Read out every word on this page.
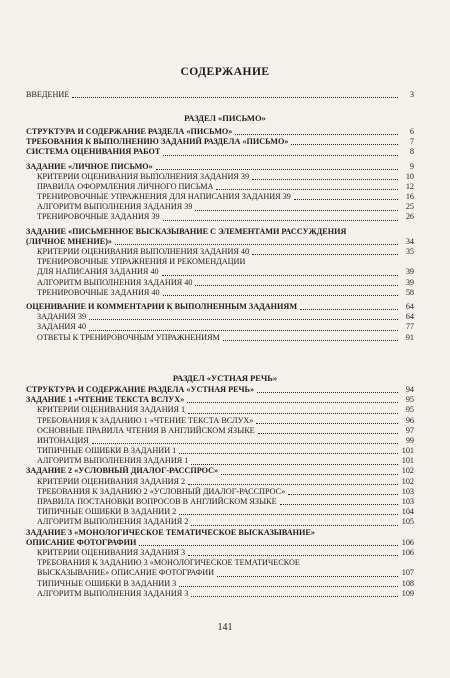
СОДЕРЖАНИЕ
ВВЕДЕНИЕ	3
РАЗДЕЛ «ПИСЬМО»
СТРУКТУРА И СОДЕРЖАНИЕ РАЗДЕЛА «ПИСЬМО»	6
ТРЕБОВАНИЯ К ВЫПОЛНЕНИЮ ЗАДАНИЙ РАЗДЕЛА «ПИСЬМО»	7
СИСТЕМА ОЦЕНИВАНИЯ РАБОТ	8
ЗАДАНИЕ «ЛИЧНОЕ ПИСЬМО»	9
КРИТЕРИИ ОЦЕНИВАНИЯ ВЫПОЛНЕНИЯ ЗАДАНИЯ 39	10
ПРАВИЛА ОФОРМЛЕНИЯ ЛИЧНОГО ПИСЬМА	12
ТРЕНИРОВОЧНЫЕ УПРАЖНЕНИЯ ДЛЯ НАПИСАНИЯ ЗАДАНИЯ 39	16
АЛГОРИТМ ВЫПОЛНЕНИЯ ЗАДАНИЯ 39	25
ТРЕНИРОВОЧНЫЕ ЗАДАНИЯ 39	26
ЗАДАНИЕ «ПИСЬМЕННОЕ ВЫСКАЗЫВАНИЕ С ЭЛЕМЕНТАМИ РАССУЖДЕНИЯ
(ЛИЧНОЕ МНЕНИЕ)»	34
КРИТЕРИИ ОЦЕНИВАНИЯ ВЫПОЛНЕНИЯ ЗАДАНИЯ 40	35
ТРЕНИРОВОЧНЫЕ УПРАЖНЕНИЯ И РЕКОМЕНДАЦИИ
ДЛЯ НАПИСАНИЯ ЗАДАНИЯ 40	39
АЛГОРИТМ ВЫПОЛНЕНИЯ ЗАДАНИЯ 40	39
ТРЕНИРОВОЧНЫЕ ЗАДАНИЯ 40	58
ОЦЕНИВАНИЕ И КОММЕНТАРИИ К ВЫПОЛНЕННЫМ ЗАДАНИЯМ	64
ЗАДАНИЯ 39	64
ЗАДАНИЯ 40	77
ОТВЕТЫ К ТРЕНИРОВОЧНЫМ УПРАЖНЕНИЯМ	91
РАЗДЕЛ «УСТНАЯ РЕЧЬ»
СТРУКТУРА И СОДЕРЖАНИЕ РАЗДЕЛА «УСТНАЯ РЕЧЬ»	94
ЗАДАНИЕ 1 «ЧТЕНИЕ ТЕКСТА ВСЛУХ»	95
КРИТЕРИИ ОЦЕНИВАНИЯ ЗАДАНИЯ 1	95
ТРЕБОВАНИЯ К ЗАДАНИЮ 1 «ЧТЕНИЕ ТЕКСТА ВСЛУХ»	96
ОСНОВНЫЕ ПРАВИЛА ЧТЕНИЯ В АНГЛИЙСКОМ ЯЗЫКЕ	97
ИНТОНАЦИЯ	99
ТИПИЧНЫЕ ОШИБКИ В ЗАДАНИИ 1	101
АЛГОРИТМ ВЫПОЛНЕНИЯ ЗАДАНИЯ 1	101
ЗАДАНИЕ 2 «УСЛОВНЫЙ ДИАЛОГ-РАССПРОС»	102
КРИТЕРИИ ОЦЕНИВАНИЯ ЗАДАНИЯ 2	102
ТРЕБОВАНИЯ К ЗАДАНИЮ 2 «УСЛОВНЫЙ ДИАЛОГ-РАССПРОС»	103
ПРАВИЛА ПОСТАНОВКИ ВОПРОСОВ В АНГЛИЙСКОМ ЯЗЫКЕ	103
ТИПИЧНЫЕ ОШИБКИ В ЗАДАНИИ 2	104
АЛГОРИТМ ВЫПОЛНЕНИЯ ЗАДАНИЯ 2	105
ЗАДАНИЕ 3 «МОНОЛОГИЧЕСКОЕ ТЕМАТИЧЕСКОЕ ВЫСКАЗЫВАНИЕ»
ОПИСАНИЕ ФОТОГРАФИИ	106
КРИТЕРИИ ОЦЕНИВАНИЯ ЗАДАНИЯ 3	106
ТРЕБОВАНИЯ К ЗАДАНИЮ 3 «МОНОЛОГИЧЕСКОЕ ТЕМАТИЧЕСКОЕ
ВЫСКАЗЫВАНИЕ» ОПИСАНИЕ ФОТОГРАФИИ	107
ТИПИЧНЫЕ ОШИБКИ В ЗАДАНИИ 3	108
АЛГОРИТМ ВЫПОЛНЕНИЯ ЗАДАНИЯ 3	109
141
